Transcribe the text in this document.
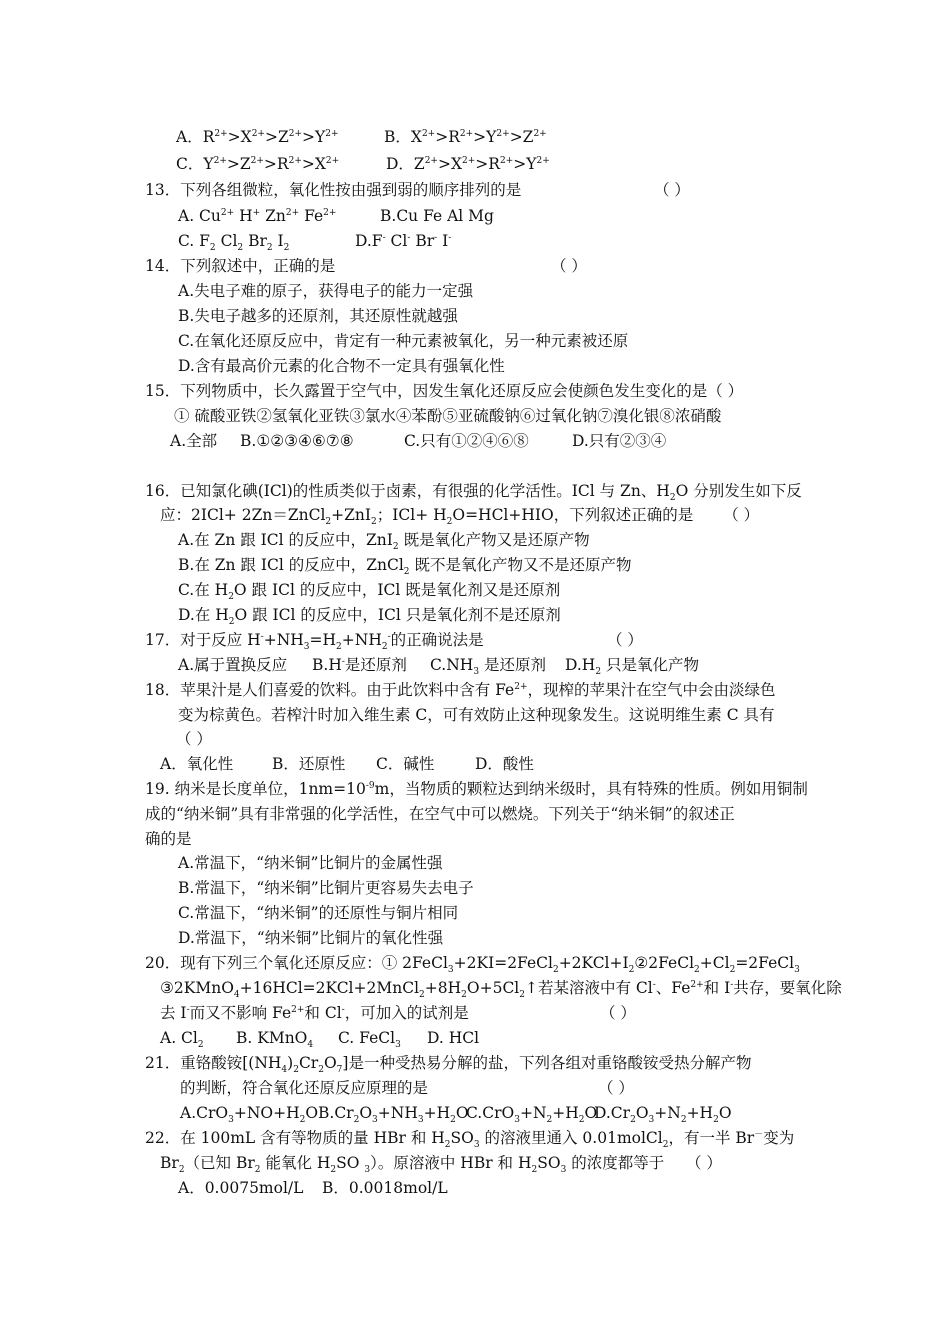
A．$R^{2+}>X^{2+}>Z^{2+}>Y^{2+}$	B．$X^{2+}>R^{2+}>Y^{2+}>Z^{2+}$
C．$Y^{2+}>Z^{2+}>R^{2+}>X^{2+}$	D．$Z^{2+}>X^{2+}>R^{2+}>Y^{2+}$
13．下列各组微粒，氧化性按由强到弱的顺序排列的是	（ ）
A. $Cu^{2+}$ H+ $Zn^{2+}$ $Fe^{2+}$	B.Cu Fe Al Mg
C. $F_2$ $Cl_2$ $Br_2$ $I_2$	D.F- Cl- Br- I-
14．下列叙述中，正确的是	（ ）
A.失电子难的原子，获得电子的能力一定强
B.失电子越多的还原剂，其还原性就越强
C.在氧化还原反应中，肯定有一种元素被氧化，另一种元素被还原
D.含有最高价元素的化合物不一定具有强氧化性
15．下列物质中，长久露置于空气中，因发生氧化还原反应会使颜色发生变化的是（ ）
① 硫酸亚铁②氢氧化亚铁③氯水④苯酚⑤亚硫酸钠⑥过氧化钠⑦溴化银⑧浓硝酸
A.全部 B.①②③④⑥⑦⑧	C.只有①②④⑥⑧	D.只有②③④
16．已知氯化碘(ICl)的性质类似于卤素，有很强的化学活性。ICl 与 Zn、$H_2O$ 分别发生如下反
应：2ICl+ 2Zn＝ZnCl$_2$+ZnI$_2$；$ICl+ H_2O=HCl+HIO$，下列叙述正确的是 （ ）
A.在 Zn 跟 ICl 的反应中，ZnI$_2$ 既是氧化产物又是还原产物
B.在 Zn 跟 ICl 的反应中，ZnCl$_2$ 既不是氧化产物又不是还原产物
C.在 $H_2O$ 跟 ICl 的反应中，ICl 既是氧化剂又是还原剂
D.在 $H_2O$ 跟 ICl 的反应中，ICl 只是氧化剂不是还原剂
17．对于反应 $H^-+NH_3=H_2+NH_2^-$的正确说法是	（ ）
A.属于置换反应 B.H-是还原剂 $C.NH_3$ 是还原剂 $D.H_2$ 只是氧化产物
18．苹果汁是人们喜爱的饮料。由于此饮料中含有 $Fe^{2+}$，现榨的苹果汁在空气中会由淡绿色
变为棕黄色。若榨汁时加入维生素 C，可有效防止这种现象发生。这说明维生素 C 具有
（ ）
A．氧化性	B．还原性 C．碱性	D．酸性
19. 纳米是长度单位，$1nm=10^{-9}m$，当物质的颗粒达到纳米级时，具有特殊的性质。例如用铜制
成的“纳米铜”具有非常强的化学活性，在空气中可以燃烧。下列关于“纳米铜”的叙述正
确的是
A.常温下，“纳米铜”比铜片的金属性强
B.常温下，“纳米铜”比铜片更容易失去电子
C.常温下，“纳米铜”的还原性与铜片相同
D.常温下，“纳米铜”比铜片的氧化性强
20．现有下列三个氧化还原反应：① $2FeCl_3+2KI=2FeCl_2+2KCl+I_2②2FeCl_2+Cl_2=2FeCl_3$
$③2KMnO_4+16HCl=2KCl+2MnCl_2+8H_2O+5Cl_2↑$若某溶液中有 Cl-、$Fe^{2+}$和 I-共存，要氧化除
去 I-而又不影响 $Fe^{2+}$和 Cl-，可加入的试剂是	（ ）
A. $Cl_2$ B. KMnO$_4$ C. FeCl$_3$ D. HCl
21．重铬酸铵$[(NH_4)_2Cr_2O_7]$是一种受热易分解的盐，下列各组对重铬酸铵受热分解产物
的判断，符合氧化还原反应原理的是	（ ）
$A.CrO_3+NO+H_2O$ $B.Cr_2O_3+NH_3+H_2O$
$C.CrO_3+N_2+H_2O$
$D.Cr_2O_3+N_2+H_2O$
22．在 100mL 含有等物质的量 HBr 和 $H_2SO_3$ 的溶液里通入 0.01molCl$_2$，有一半 Br－变为
$Br_2$（已知 $Br_2$ 能氧化 $H_2SO$ $_3$）。原溶液中 HBr 和 $H_2SO_3$ 的浓度都等于 （ ）
A．0.0075mol/L B．0.0018mol/L
